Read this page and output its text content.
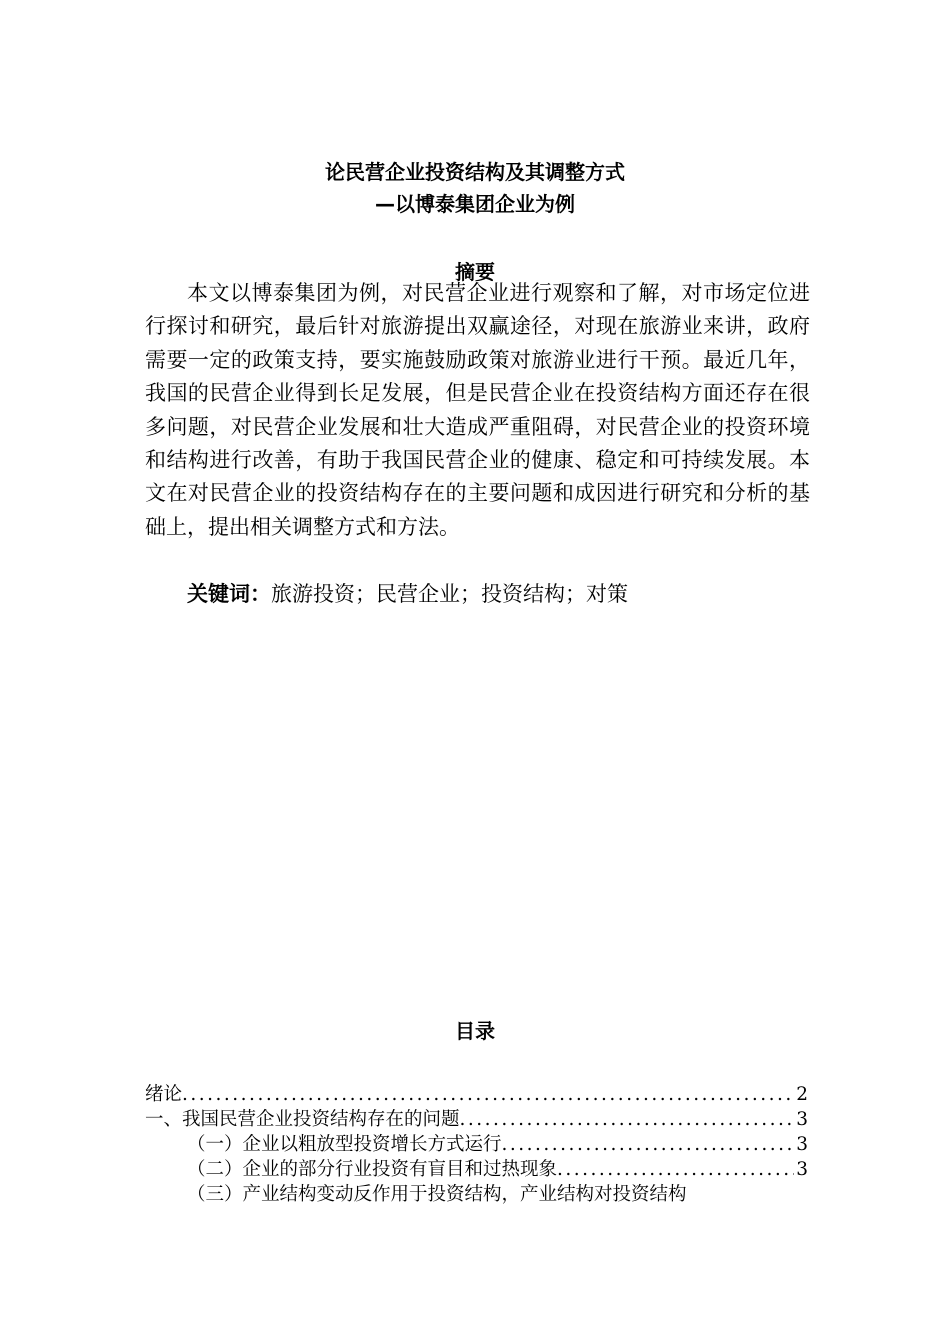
论民营企业投资结构及其调整方式
—以博泰集团企业为例
摘要

本文以博泰集团为例，对民营企业进行观察和了解，对市场定位进行探讨和研究，最后针对旅游提出双赢途径，对现在旅游业来讲，政府需要一定的政策支持，要实施鼓励政策对旅游业进行干预。最近几年，我国的民营企业得到长足发展，但是民营企业在投资结构方面还存在很多问题，对民营企业发展和壮大造成严重阻碍，对民营企业的投资环境和结构进行改善，有助于我国民营企业的健康、稳定和可持续发展。本文在对民营企业的投资结构存在的主要问题和成因进行研究和分析的基础上，提出相关调整方式和方法。

关键词：旅游投资；民营企业；投资结构；对策
目录
绪论 .....	2
一、我国民营企业投资结构存在的问题 .....	3
（一）企业以粗放型投资增长方式运行 .....	3
（二）企业的部分行业投资有盲目和过热现象 .....	3
（三）产业结构变动反作用于投资结构，产业结构对投资结构
